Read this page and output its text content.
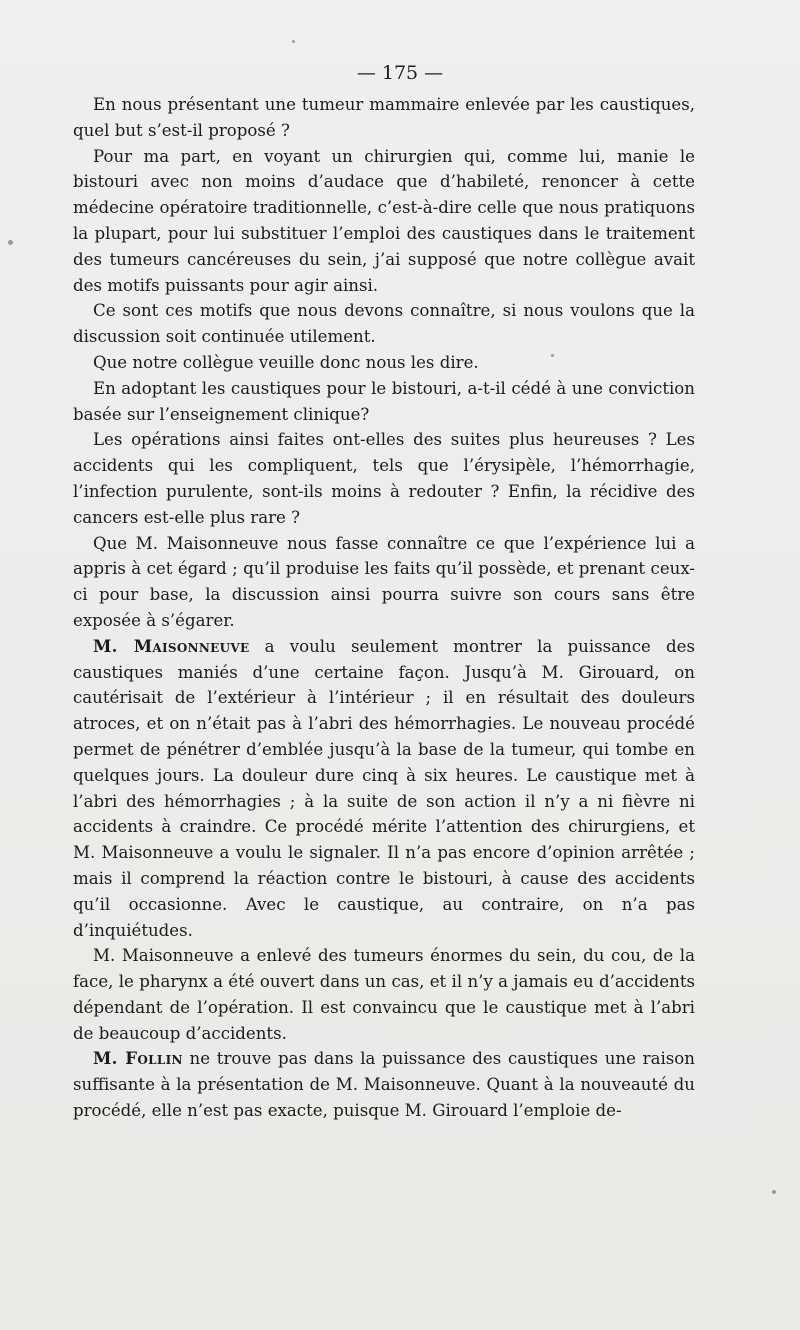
— 175 —

En nous présentant une tumeur mammaire enlevée par les caustiques, quel but s’est-il proposé ?

Pour ma part, en voyant un chirurgien qui, comme lui, manie le bistouri avec non moins d’audace que d’habileté, renoncer à cette médecine opératoire traditionnelle, c’est-à-dire celle que nous pratiquons la plupart, pour lui substituer l’emploi des caustiques dans le traitement des tumeurs cancéreuses du sein, j’ai supposé que notre collègue avait des motifs puissants pour agir ainsi.

Ce sont ces motifs que nous devons connaître, si nous voulons que la discussion soit continuée utilement.

Que notre collègue veuille donc nous les dire.

En adoptant les caustiques pour le bistouri, a-t-il cédé à une conviction basée sur l’enseignement clinique?

Les opérations ainsi faites ont-elles des suites plus heureuses ? Les accidents qui les compliquent, tels que l’érysipèle, l’hémorrhagie, l’infection purulente, sont-ils moins à redouter ? Enfin, la récidive des cancers est-elle plus rare ?

Que M. Maisonneuve nous fasse connaître ce que l’expérience lui a appris à cet égard ; qu’il produise les faits qu’il possède, et prenant ceux-ci pour base, la discussion ainsi pourra suivre son cours sans être exposée à s’égarer.

M. Maisonneuve a voulu seulement montrer la puissance des caustiques maniés d’une certaine façon. Jusqu’à M. Girouard, on cautérisait de l’extérieur à l’intérieur ; il en résultait des douleurs atroces, et on n’était pas à l’abri des hémorrhagies. Le nouveau procédé permet de pénétrer d’emblée jusqu’à la base de la tumeur, qui tombe en quelques jours. La douleur dure cinq à six heures. Le caustique met à l’abri des hémorrhagies ; à la suite de son action il n’y a ni fièvre ni accidents à craindre. Ce procédé mérite l’attention des chirurgiens, et M. Maisonneuve a voulu le signaler. Il n’a pas encore d’opinion arrêtée ; mais il comprend la réaction contre le bistouri, à cause des accidents qu’il occasionne. Avec le caustique, au contraire, on n’a pas d’inquiétudes.

M. Maisonneuve a enlevé des tumeurs énormes du sein, du cou, de la face, le pharynx a été ouvert dans un cas, et il n’y a jamais eu d’accidents dépendant de l’opération. Il est convaincu que le caustique met à l’abri de beaucoup d’accidents.

M. Follin ne trouve pas dans la puissance des caustiques une raison suffisante à la présentation de M. Maisonneuve. Quant à la nouveauté du procédé, elle n’est pas exacte, puisque M. Girouard l’emploie de-
